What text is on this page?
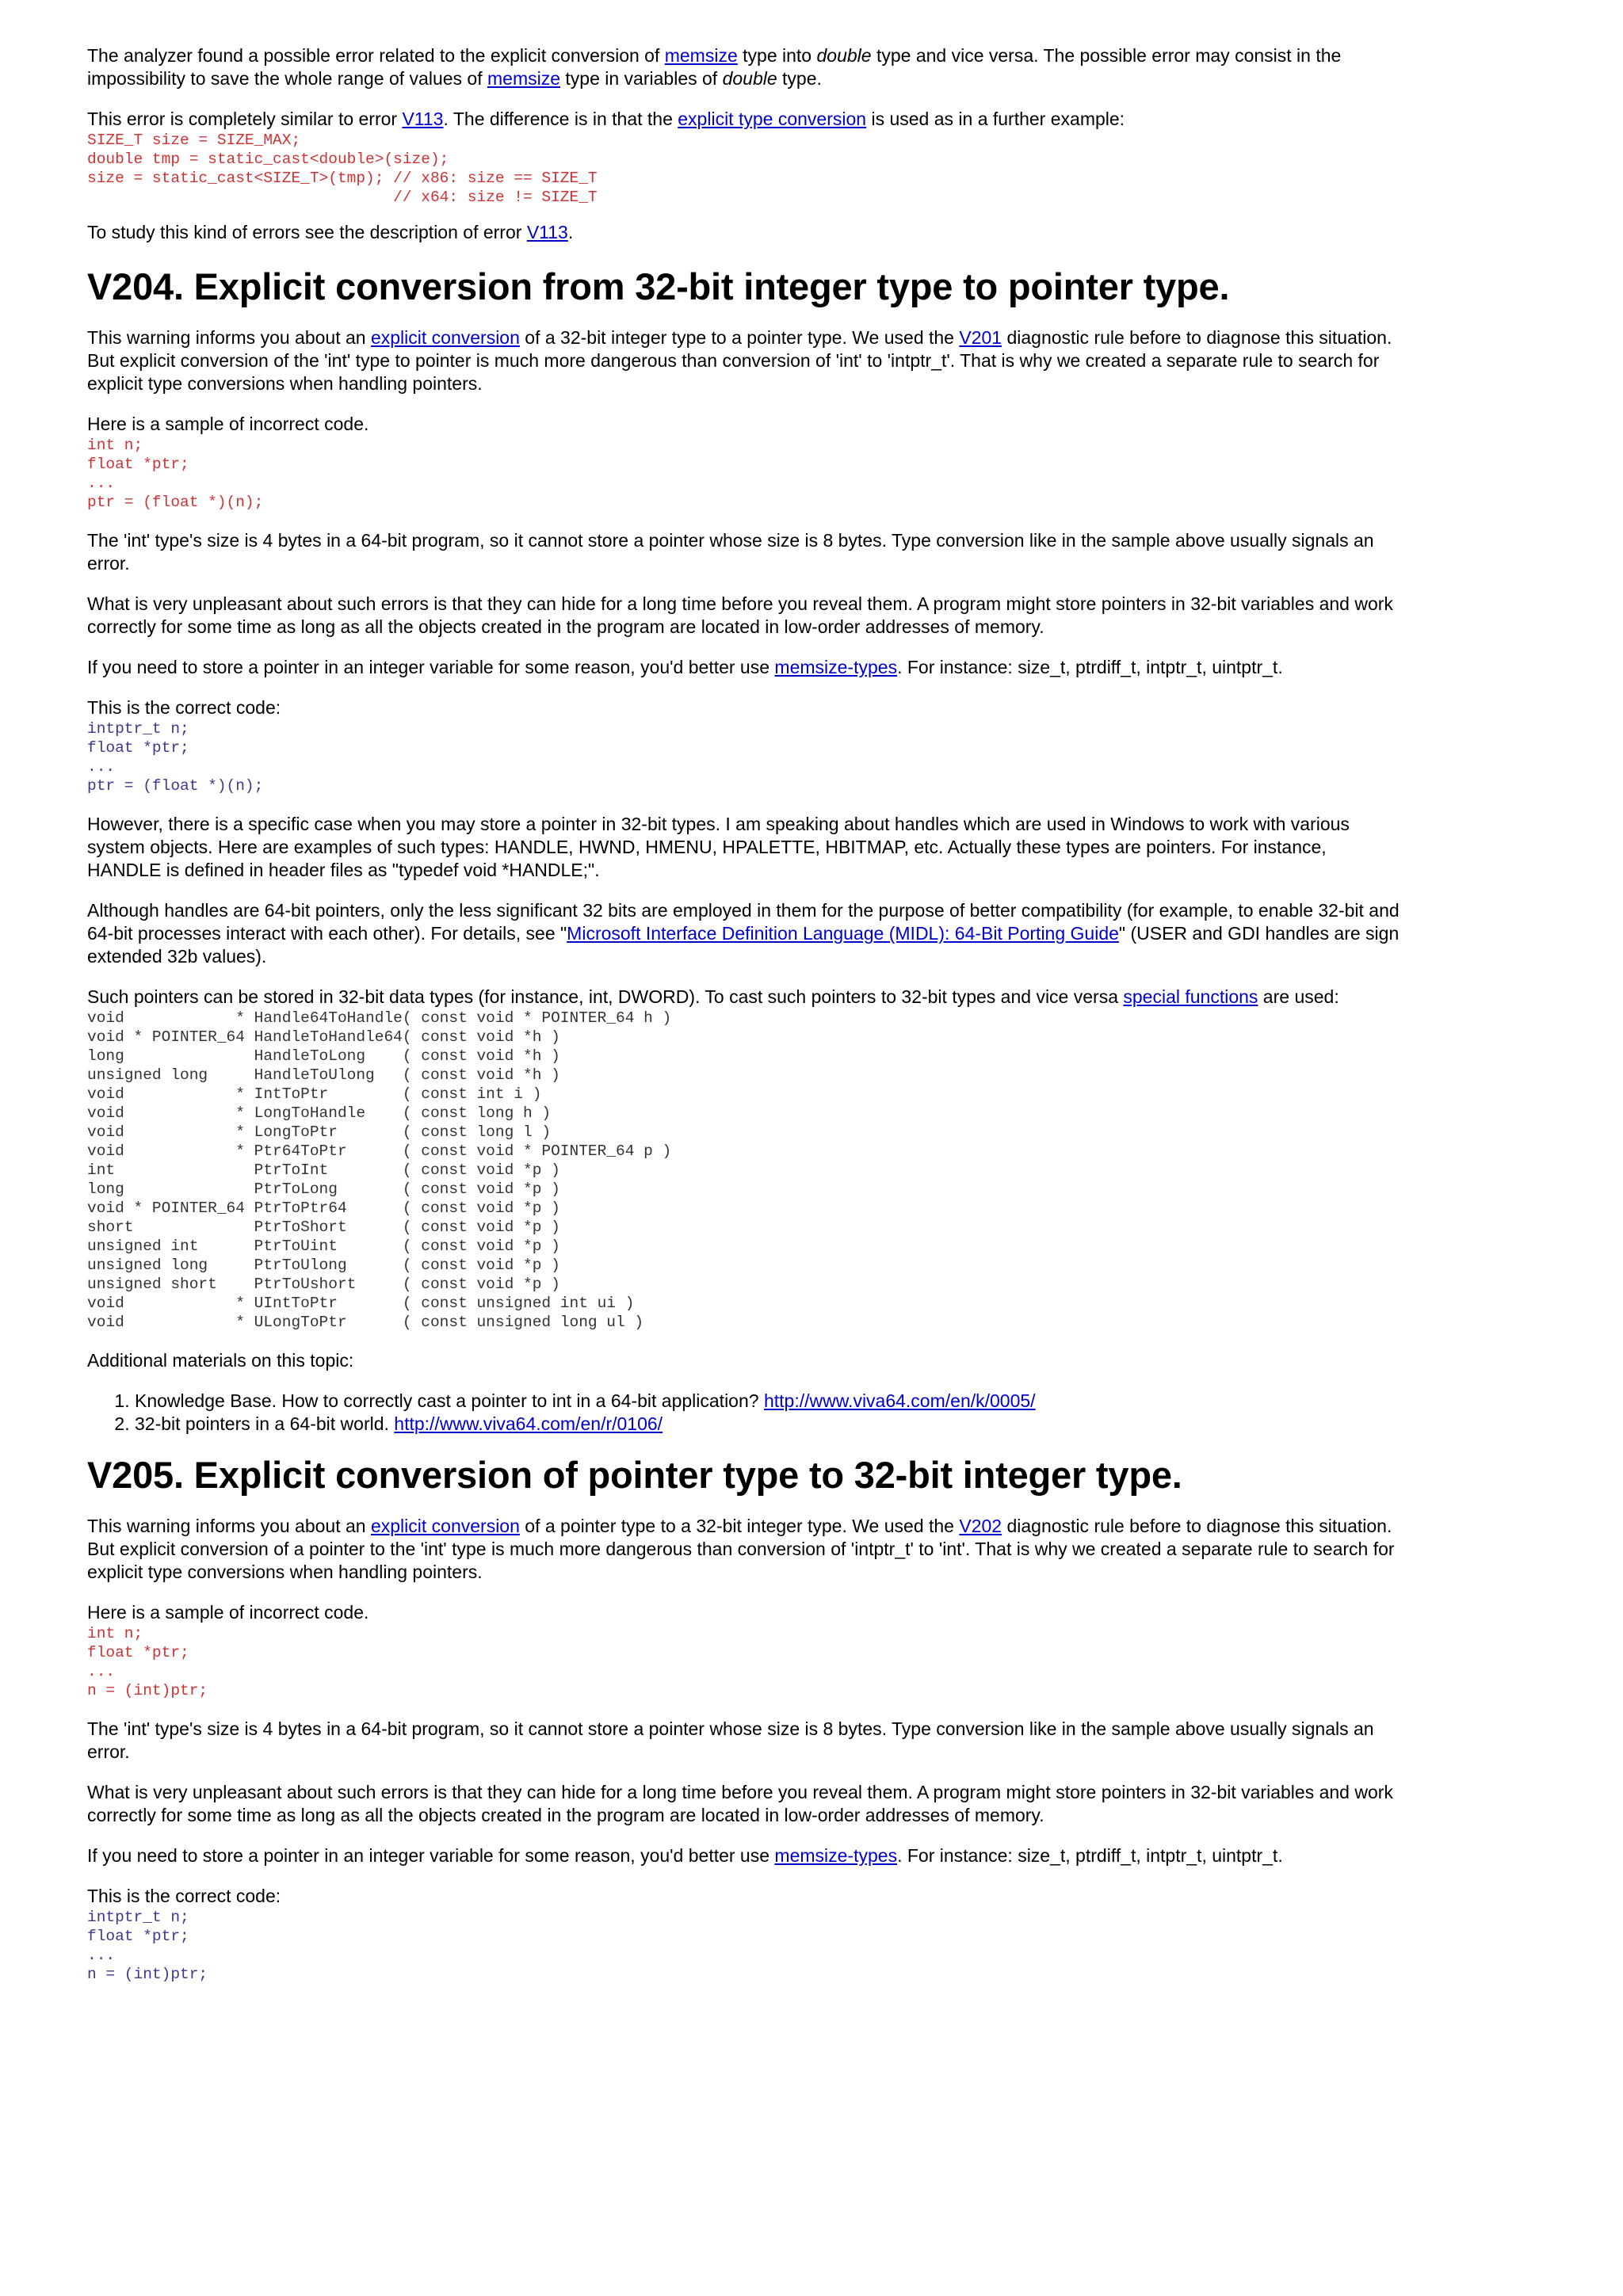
The analyzer found a possible error related to the explicit conversion of memsize type into double type and vice versa. The possible error may consist in the impossibility to save the whole range of values of memsize type in variables of double type.

This error is completely similar to error V113. The difference is in that the explicit type conversion is used as in a further example:

SIZE_T size = SIZE_MAX;
double tmp = static_cast<double>(size);
size = static_cast<SIZE_T>(tmp); // x86: size == SIZE_T
// x64: size != SIZE_T

To study this kind of errors see the description of error V113.

V204. Explicit conversion from 32-bit integer type to pointer type.

This warning informs you about an explicit conversion of a 32-bit integer type to a pointer type. We used the V201 diagnostic rule before to diagnose this situation. But explicit conversion of the 'int' type to pointer is much more dangerous than conversion of 'int' to 'intptr_t'. That is why we created a separate rule to search for explicit type conversions when handling pointers.

Here is a sample of incorrect code.

int n;
float *ptr;
...
ptr = (float *)(n);

The 'int' type's size is 4 bytes in a 64-bit program, so it cannot store a pointer whose size is 8 bytes. Type conversion like in the sample above usually signals an error.

What is very unpleasant about such errors is that they can hide for a long time before you reveal them. A program might store pointers in 32-bit variables and work correctly for some time as long as all the objects created in the program are located in low-order addresses of memory.

If you need to store a pointer in an integer variable for some reason, you'd better use memsize-types. For instance: size_t, ptrdiff_t, intptr_t, uintptr_t.

This is the correct code:

intptr_t n;
float *ptr;
...
ptr = (float *)(n);

However, there is a specific case when you may store a pointer in 32-bit types. I am speaking about handles which are used in Windows to work with various system objects. Here are examples of such types: HANDLE, HWND, HMENU, HPALETTE, HBITMAP, etc. Actually these types are pointers. For instance, HANDLE is defined in header files as "typedef void *HANDLE;".

Although handles are 64-bit pointers, only the less significant 32 bits are employed in them for the purpose of better compatibility (for example, to enable 32-bit and 64-bit processes interact with each other). For details, see "Microsoft Interface Definition Language (MIDL): 64-Bit Porting Guide" (USER and GDI handles are sign extended 32b values).

Such pointers can be stored in 32-bit data types (for instance, int, DWORD). To cast such pointers to 32-bit types and vice versa special functions are used:

void            * Handle64ToHandle( const void * POINTER_64 h )
void * POINTER_64 HandleToHandle64( const void *h )
long              HandleToLong    ( const void *h )
unsigned long     HandleToUlong   ( const void *h )
void            * IntToPtr        ( const int i )
void            * LongToHandle    ( const long h )
void            * LongToPtr       ( const long l )
void            * Ptr64ToPtr      ( const void * POINTER_64 p )
int               PtrToInt        ( const void *p )
long              PtrToLong       ( const void *p )
void * POINTER_64 PtrToPtr64      ( const void *p )
short             PtrToShort      ( const void *p )
unsigned int      PtrToUint       ( const void *p )
unsigned long     PtrToUlong      ( const void *p )
unsigned short    PtrToUshort     ( const void *p )
void            * UIntToPtr       ( const unsigned int ui )
void            * ULongToPtr      ( const unsigned long ul )

Additional materials on this topic:

1. Knowledge Base. How to correctly cast a pointer to int in a 64-bit application? http://www.viva64.com/en/k/0005/
2. 32-bit pointers in a 64-bit world. http://www.viva64.com/en/r/0106/
V205. Explicit conversion of pointer type to 32-bit integer type.

This warning informs you about an explicit conversion of a pointer type to a 32-bit integer type. We used the V202 diagnostic rule before to diagnose this situation. But explicit conversion of a pointer to the 'int' type is much more dangerous than conversion of 'intptr_t' to 'int'. That is why we created a separate rule to search for explicit type conversions when handling pointers.

Here is a sample of incorrect code.

int n;
float *ptr;
...
n = (int)ptr;

The 'int' type's size is 4 bytes in a 64-bit program, so it cannot store a pointer whose size is 8 bytes. Type conversion like in the sample above usually signals an error.

What is very unpleasant about such errors is that they can hide for a long time before you reveal them. A program might store pointers in 32-bit variables and work correctly for some time as long as all the objects created in the program are located in low-order addresses of memory.

If you need to store a pointer in an integer variable for some reason, you'd better use memsize-types. For instance: size_t, ptrdiff_t, intptr_t, uintptr_t.

This is the correct code:

intptr_t n;
float *ptr;
...
n = (int)ptr;
